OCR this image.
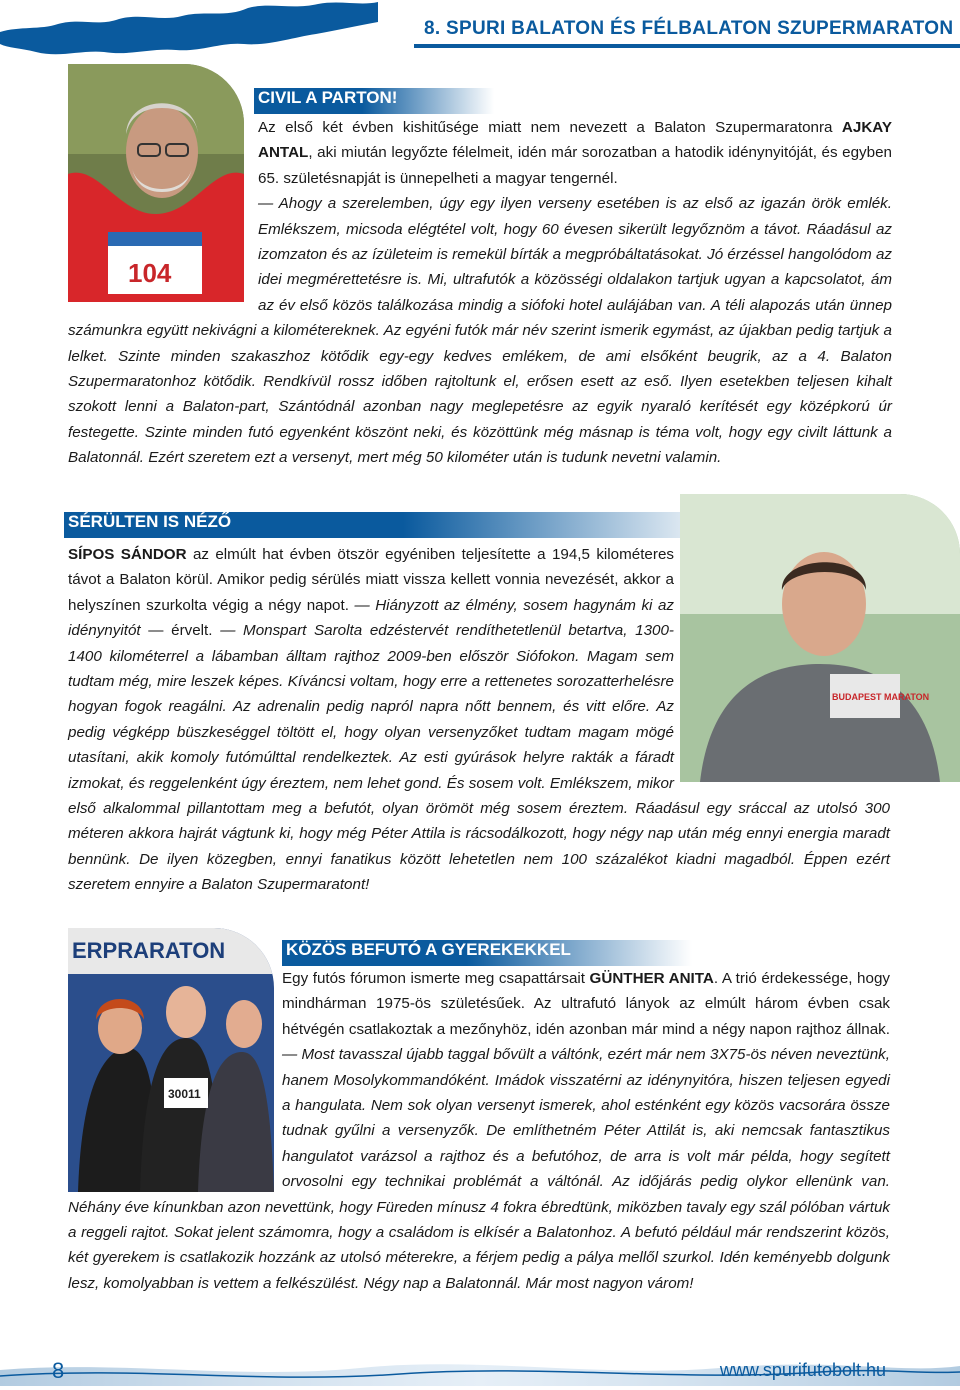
8. SPURI BALATON ÉS FÉLBALATON SZUPERMARATON
104
CIVIL A PARTON!
Az első két évben kishitűsége miatt nem nevezett a Balaton Szupermaratonra AJKAY ANTAL, aki miután legyőzte félelmeit, idén már sorozatban a hatodik idénynyitóját, és egyben 65. születésnapját is ünnepelheti a magyar tengernél.
— Ahogy a szerelemben, úgy egy ilyen verseny esetében is az első az igazán örök emlék. Emlékszem, micsoda elégtétel volt, hogy 60 évesen sikerült legyőznöm a távot. Ráadásul az izomzaton és az ízületeim is remekül bírták a megpróbáltatásokat. Jó érzéssel hangolódom az idei megmérettetésre is. Mi, ultrafutók a közösségi oldalakon tartjuk ugyan a kapcsolatot, ám az év első közös találkozása mindig a siófoki hotel aulájában van. A téli alapozás után ünnep számunkra együtt nekivágni a kilométereknek. Az egyéni futók már név szerint ismerik egymást, az újakban pedig tartjuk a lelket. Szinte minden szakaszhoz kötődik egy-egy kedves emlékem, de ami elsőként beugrik, az a 4. Balaton Szupermaratonhoz kötődik. Rendkívül rossz időben rajtoltunk el, erősen esett az eső. Ilyen esetekben teljesen kihalt szokott lenni a Balaton-part, Szántódnál azonban nagy meglepetésre az egyik nyaraló kerítését egy középkorú úr festegette. Szinte minden futó egyenként köszönt neki, és közöttünk még másnap is téma volt, hogy egy civilt láttunk a Balatonnál. Ezért szeretem ezt a versenyt, mert még 50 kilométer után is tudunk nevetni valamin.
SÉRÜLTEN IS NÉZŐ
BUDAPEST MARATON
SÍPOS SÁNDOR az elmúlt hat évben ötször egyéniben teljesítette a 194,5 kilométeres távot a Balaton körül. Amikor pedig sérülés miatt vissza kellett vonnia nevezését, akkor a helyszínen szurkolta végig a négy napot. — Hiányzott az élmény, sosem hagynám ki az idénynyitót — érvelt. — Monspart Sarolta edzéstervét rendíthetetlenül betartva, 1300-1400 kilométerrel a lábamban álltam rajthoz 2009-ben először Siófokon. Magam sem tudtam még, mire leszek képes. Kíváncsi voltam, hogy erre a rettenetes sorozatterhelésre hogyan fogok reagálni. Az adrenalin pedig napról napra nőtt bennem, és vitt előre. Az pedig végképp büszkeséggel töltött el, hogy olyan versenyzőket tudtam magam mögé utasítani, akik komoly futómúlttal rendelkeztek. Az esti gyúrások helyre rakták a fáradt izmokat, és reggelenként úgy éreztem, nem lehet gond. És sosem volt. Emlékszem, mikor első alkalommal pillantottam meg a befutót, olyan örömöt még sosem éreztem. Ráadásul egy sráccal az utolsó 300 méteren akkora hajrát vágtunk ki, hogy még Péter Attila is rácsodálkozott, hogy négy nap után még ennyi energia maradt bennünk. De ilyen közegben, ennyi fanatikus között lehetetlen nem 100 százalékot kiadni magadból. Éppen ezért szeretem ennyire a Balaton Szupermaratont!
ERPRARATON
30011
KÖZÖS BEFUTÓ A GYEREKEKKEL
Egy futós fórumon ismerte meg csapattársait GÜNTHER ANITA. A trió érdekessége, hogy mindhárman 1975-ös születésűek. Az ultrafutó lányok az elmúlt három évben csak hétvégén csatlakoztak a mezőnyhöz, idén azonban már mind a négy napon rajthoz állnak. — Most tavasszal újabb taggal bővült a váltónk, ezért már nem 3X75-ös néven neveztünk, hanem Mosolykommandóként. Imádok visszatérni az idénynyitóra, hiszen teljesen egyedi a hangulata. Nem sok olyan versenyt ismerek, ahol esténként egy közös vacsorára össze tudnak gyűlni a versenyzők. De említhetném Péter Attilát is, aki nemcsak fantasztikus hangulatot varázsol a rajthoz és a befutóhoz, de arra is volt már példa, hogy segített orvosolni egy technikai problémát a váltónál. Az időjárás pedig olykor ellenünk van. Néhány éve kínunkban azon nevettünk, hogy Füreden mínusz 4 fokra ébredtünk, miközben tavaly egy szál pólóban vártuk a reggeli rajtot. Sokat jelent számomra, hogy a családom is elkísér a Balatonhoz. A befutó például már rendszerint közös, két gyerekem is csatlakozik hozzánk az utolsó méterekre, a férjem pedig a pálya mellől szurkol. Idén keményebb dolgunk lesz, komolyabban is vettem a felkészülést. Négy nap a Balatonnál. Már most nagyon várom!
8	www.spurifutobolt.hu
